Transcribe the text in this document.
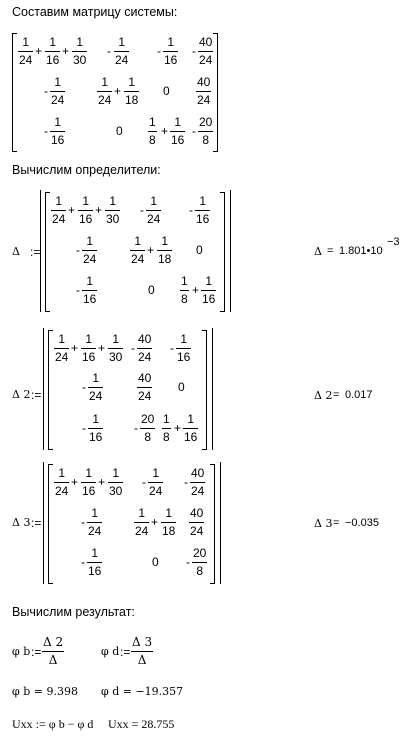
Составим матрицу системы:
1
24
+
1
16
+
1
30
-
1
24
-
1
16
-
40
24
-
1
24
1
24
+
1
18
0
40
24
-
1
16
0
1
8
+
1
16
-
20
8
Вычислим определители:
Δ :=
1
24
+
1
16
+
1
30
-
1
24
-
1
16
-
1
24
1
24
+
1
18
0
-
1
16
0
1
8
+
1
16
Δ = 1.801•10
−3
Δ 2 :=
1
24
+
1
16
+
1
30
-
40
24
-
1
16
-
1
24
40
24
0
-
1
16
-
20
8
1
8
+
1
16
Δ 2 = 0.017
Δ 3 :=
1
24
+
1
16
+
1
30
-
1
24
-
40
24
-
1
24
1
24
+
1
18
40
24
-
1
16
0 -
20
8
Δ 3 = −0.035
Вычислим результат:
φ b :=
Δ 2
Δ
φ d :=
Δ 3
Δ
φ b = 9.398 φ d = −19.357
Uxx := φ b − φ d Uxx = 28.755
